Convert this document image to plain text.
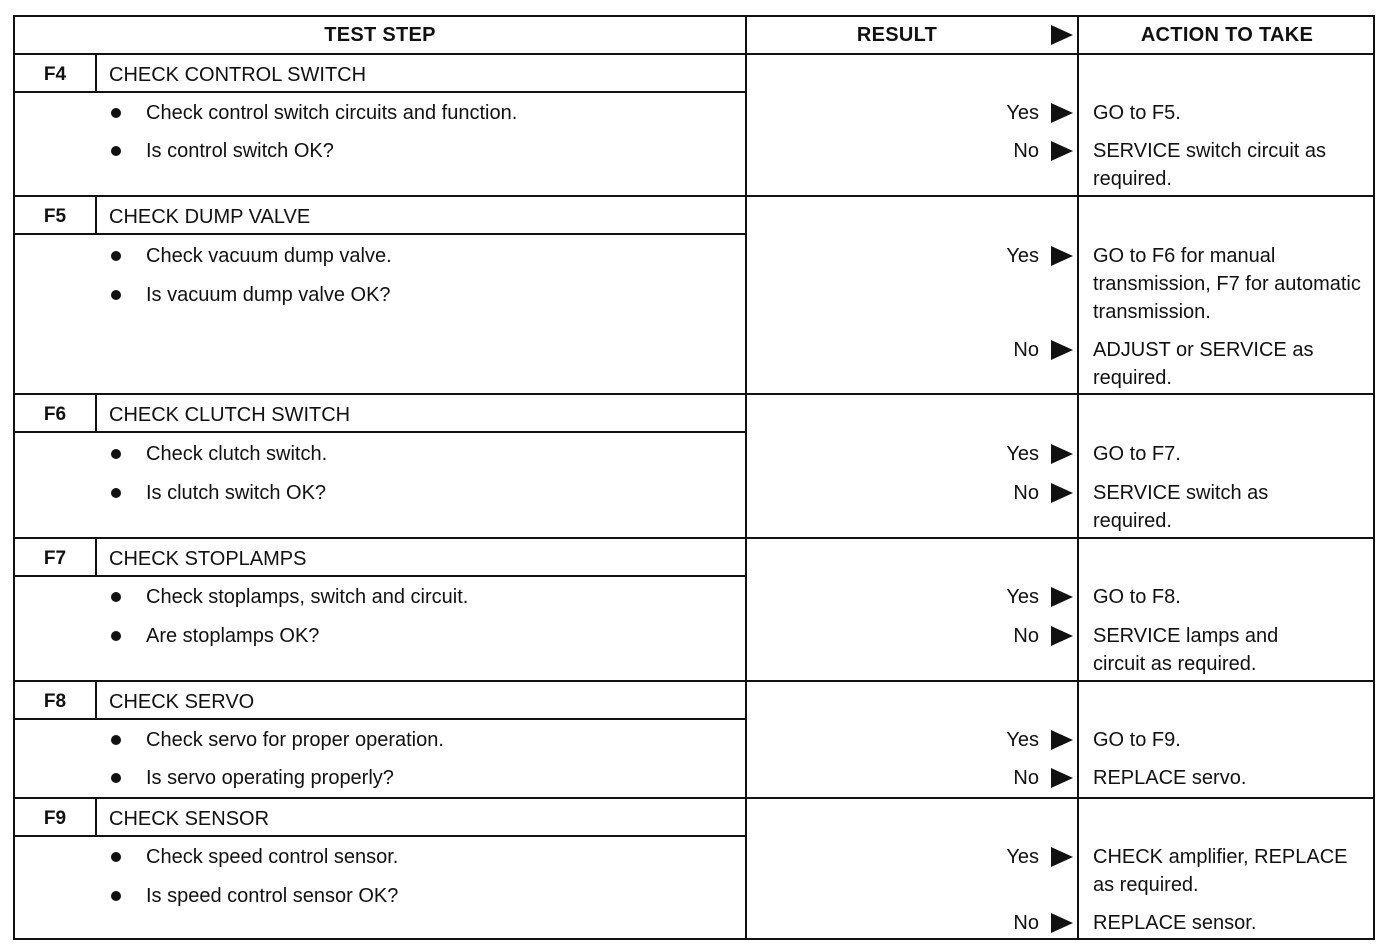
TEST STEP	RESULT	ACTION TO TAKE
F4	CHECK CONTROL SWITCH
Check control switch circuits and function.
Is control switch OK?
Yes	GO to F5.
No	SERVICE switch circuit as required.
F5	CHECK DUMP VALVE
Check vacuum dump valve.
Is vacuum dump valve OK?
Yes	GO to F6 for manual transmission, F7 for automatic transmission.
No	ADJUST or SERVICE as required.
F6	CHECK CLUTCH SWITCH
Check clutch switch.
Is clutch switch OK?
Yes	GO to F7.
No	SERVICE switch as required.
F7	CHECK STOPLAMPS
Check stoplamps, switch and circuit.
Are stoplamps OK?
Yes	GO to F8.
No	SERVICE lamps and circuit as required.
F8	CHECK SERVO
Check servo for proper operation.
Is servo operating properly?
Yes	GO to F9.
No	REPLACE servo.
F9	CHECK SENSOR
Check speed control sensor.
Is speed control sensor OK?
Yes	CHECK amplifier, REPLACE as required.
No	REPLACE sensor.
